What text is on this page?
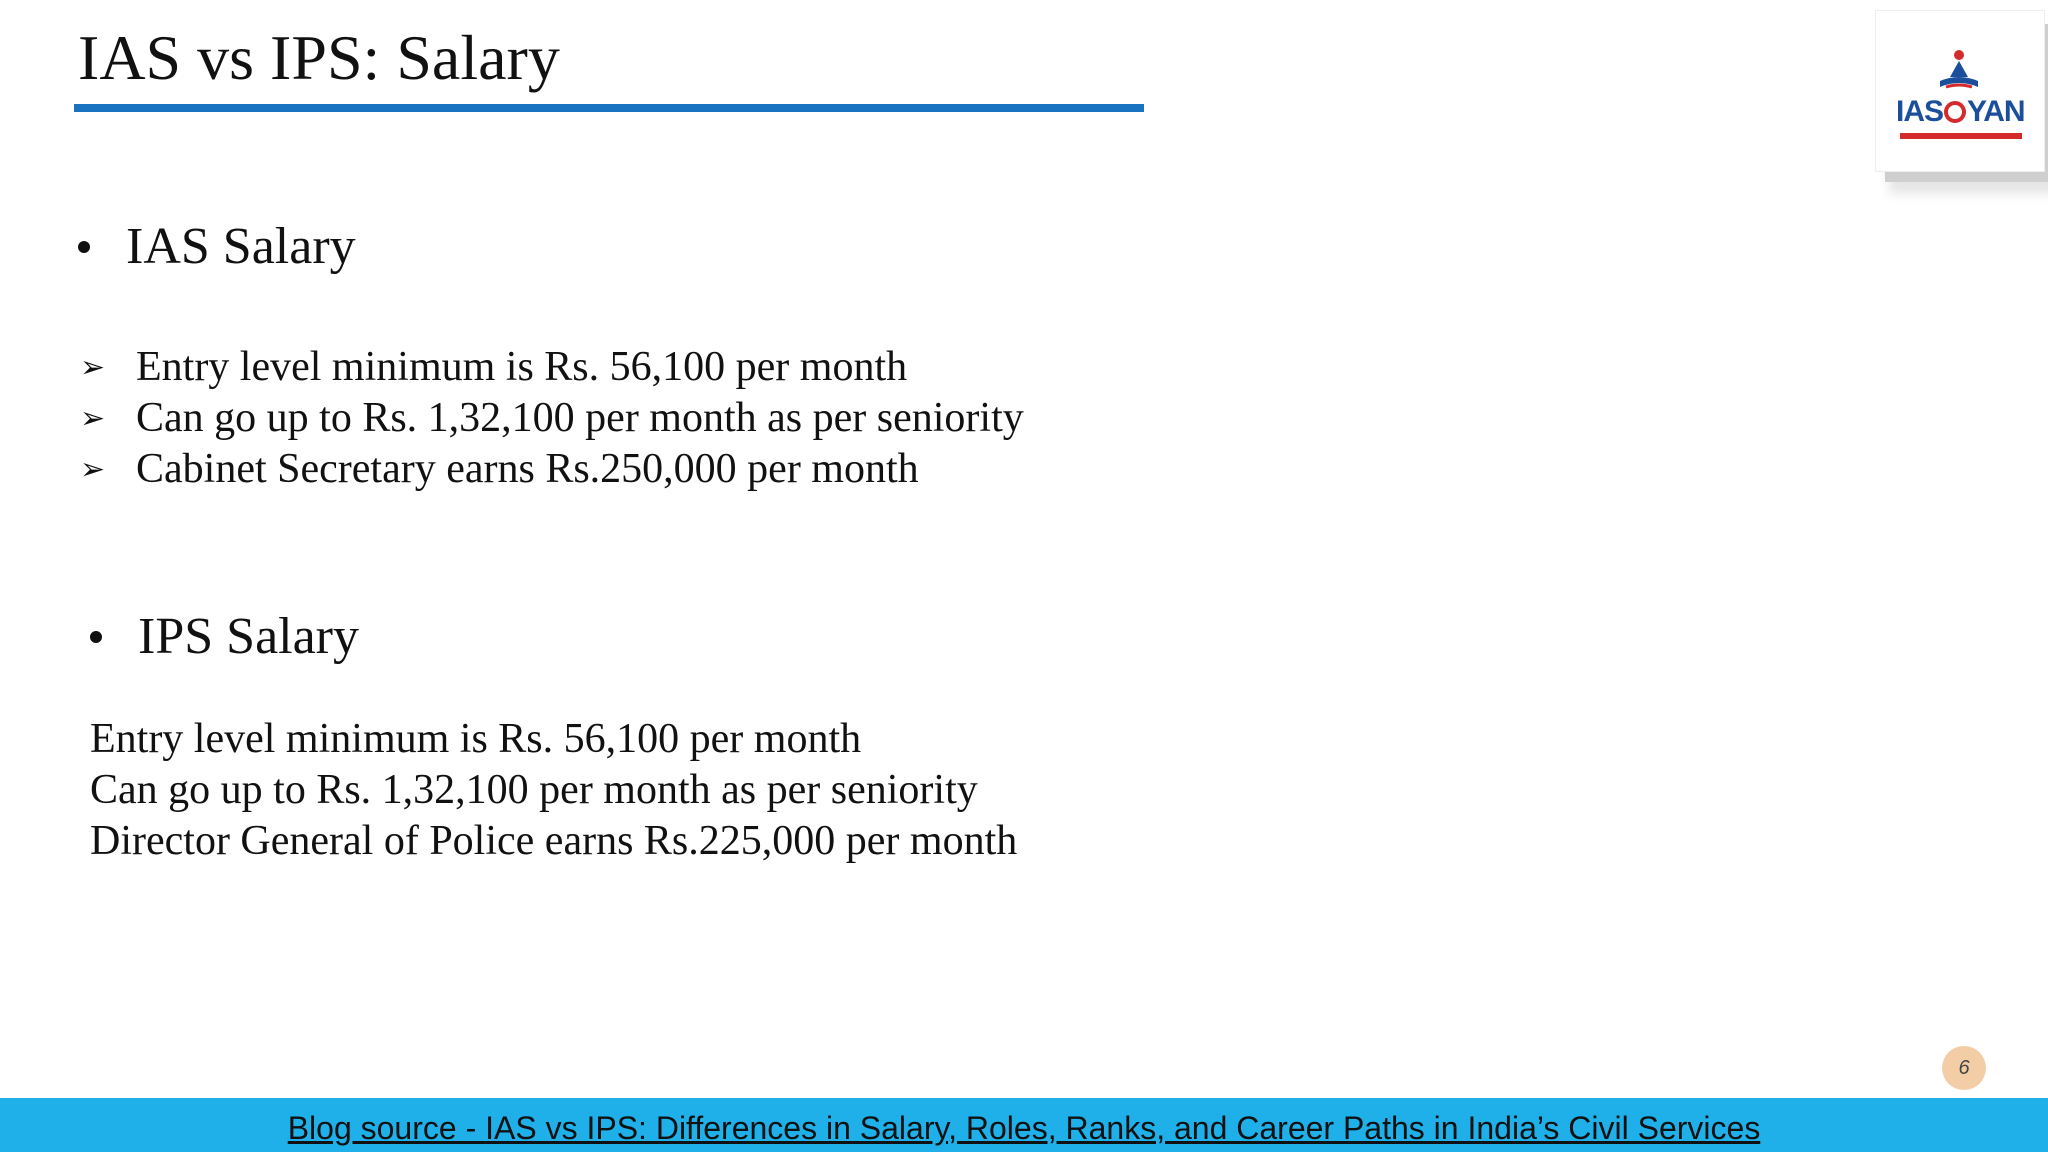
IAS vs IPS: Salary
IAS YAN
IAS Salary
➢ Entry level minimum is Rs. 56,100 per month
➢ Can go up to Rs. 1,32,100 per month as per seniority
➢ Cabinet Secretary earns Rs.250,000 per month
IPS Salary
Entry level minimum is Rs. 56,100 per month
Can go up to Rs. 1,32,100 per month as per seniority
Director General of Police earns Rs.225,000 per month
6
Blog source - IAS vs IPS: Differences in Salary, Roles, Ranks, and Career Paths in India’s Civil Services
